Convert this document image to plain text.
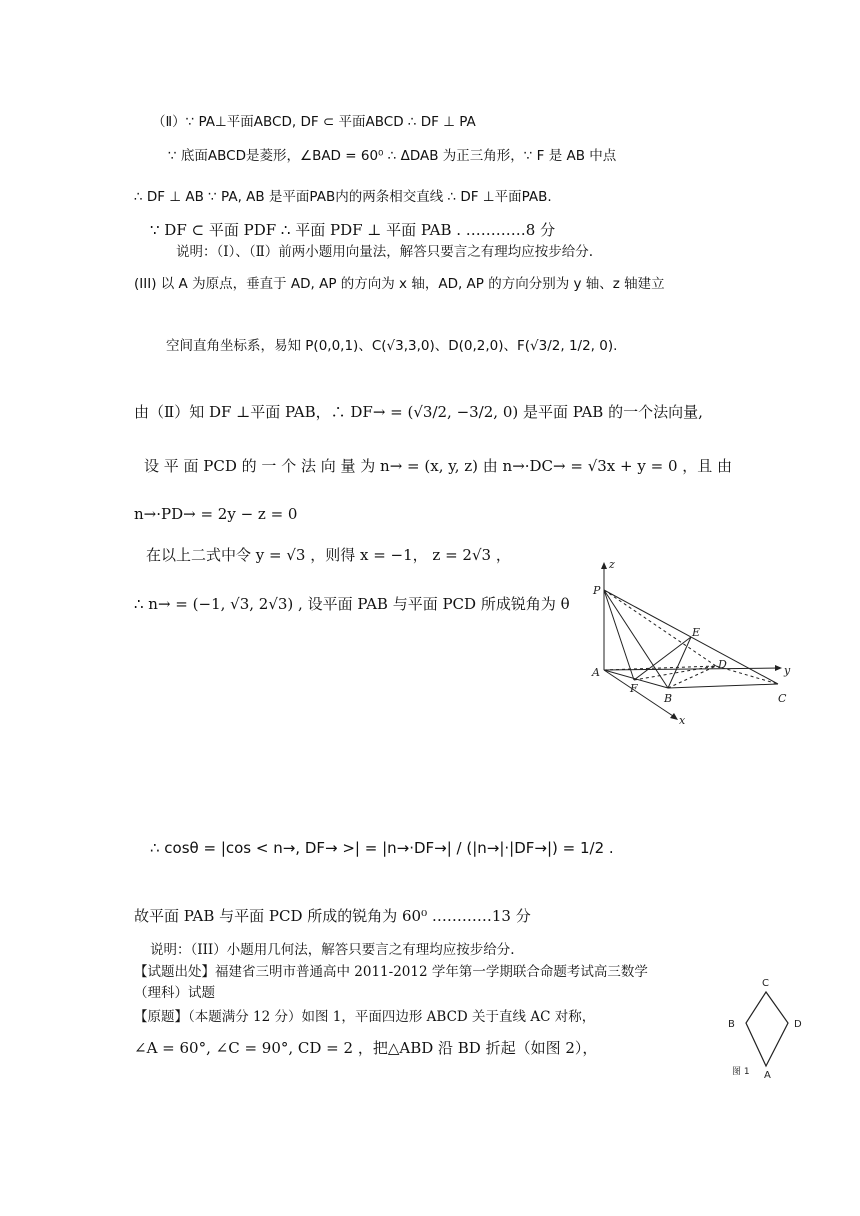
（Ⅱ）∵ PA⊥平面ABCD, DF ⊂ 平面ABCD ∴ DF ⊥ PA
∵ 底面ABCD是菱形，∠BAD = 60⁰ ∴ ΔDAB 为正三角形，∵ F 是 AB 中点
∴ DF ⊥ AB ∵ PA, AB 是平面PAB内的两条相交直线 ∴ DF ⊥平面PAB.
∵ DF ⊂ 平面 PDF ∴ 平面 PDF ⊥ 平面 PAB . …………8 分
说明：（Ⅰ）、（Ⅱ）前两小题用向量法，解答只要言之有理均应按步给分.
(III) 以 A 为原点，垂直于 AD, AP 的方向为 x 轴，AD, AP 的方向分别为 y 轴、z 轴建立
空间直角坐标系，易知 P(0,0,1)、C(√3,3,0)、D(0,2,0)、F(√3/2, 1/2, 0).
由（Ⅱ）知 DF ⊥平面 PAB，∴ DF→ = (√3/2, −3/2, 0) 是平面 PAB 的一个法向量,
设 平 面 PCD 的 一 个 法 向 量 为 n→ = (x, y, z) 由 n→·DC→ = √3x + y = 0 ，且 由
n→·PD→ = 2y − z = 0
在以上二式中令 y = √3 ，则得 x = −1， z = 2√3 ，
∴ n→ = (−1, √3, 2√3) , 设平面 PAB 与平面 PCD 所成锐角为 θ
∴ cosθ = |cos < n→, DF→ >| = |n→·DF→| / (|n→|·|DF→|) = 1/2 .
故平面 PAB 与平面 PCD 所成的锐角为 60⁰ …………13 分
说明：（III）小题用几何法，解答只要言之有理均应按步给分.
【试题出处】福建省三明市普通高中 2011-2012 学年第一学期联合命题考试高三数学
（理科）试题
【原题】（本题满分 12 分）如图 1，平面四边形 ABCD 关于直线 AC 对称，
∠A = 60°, ∠C = 90°, CD = 2 ，把△ABD 沿 BD 折起（如图 2），
P
A
B	C
D
E
F
z
y
x
C
B	D
A
图 1
